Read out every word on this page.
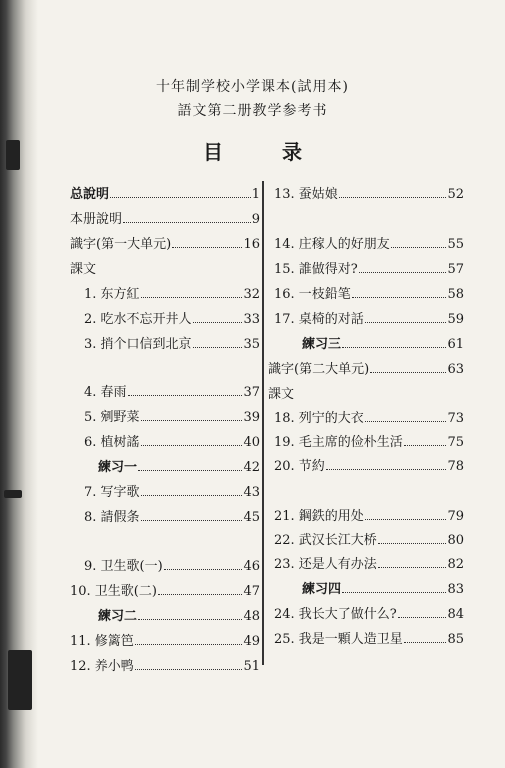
十年制学校小学课本(試用本)
語文第二册教学参考书
目 录
总說明	1
本册說明	9
識字(第一大单元)	16
課文
1. 东方紅	32
2. 吃水不忘开井人	33
3. 捎个口信到北京	35
4. 春雨	37
5. 剜野菜	39
6. 植树謠	40
練习一	42
7. 写字歌	43
8. 請假条	45
9. 卫生歌(一)	46
10. 卫生歌(二)	47
練习二	48
11. 修篱笆	49
12. 养小鸭	51
13. 蚕姑娘	52
14. 庄稼人的好朋友	55
15. 誰做得对?	57
16. 一枝鉛笔	58
17. 桌椅的对話	59
練习三	61
識字(第二大单元)	63
課文
18. 列宁的大衣	73
19. 毛主席的俭朴生活	75
20. 节約	78
21. 鋼鉄的用处	79
22. 武汉长江大桥	80
23. 还是人有办法	82
練习四	83
24. 我长大了做什么?	84
25. 我是一顆人造卫星	85
